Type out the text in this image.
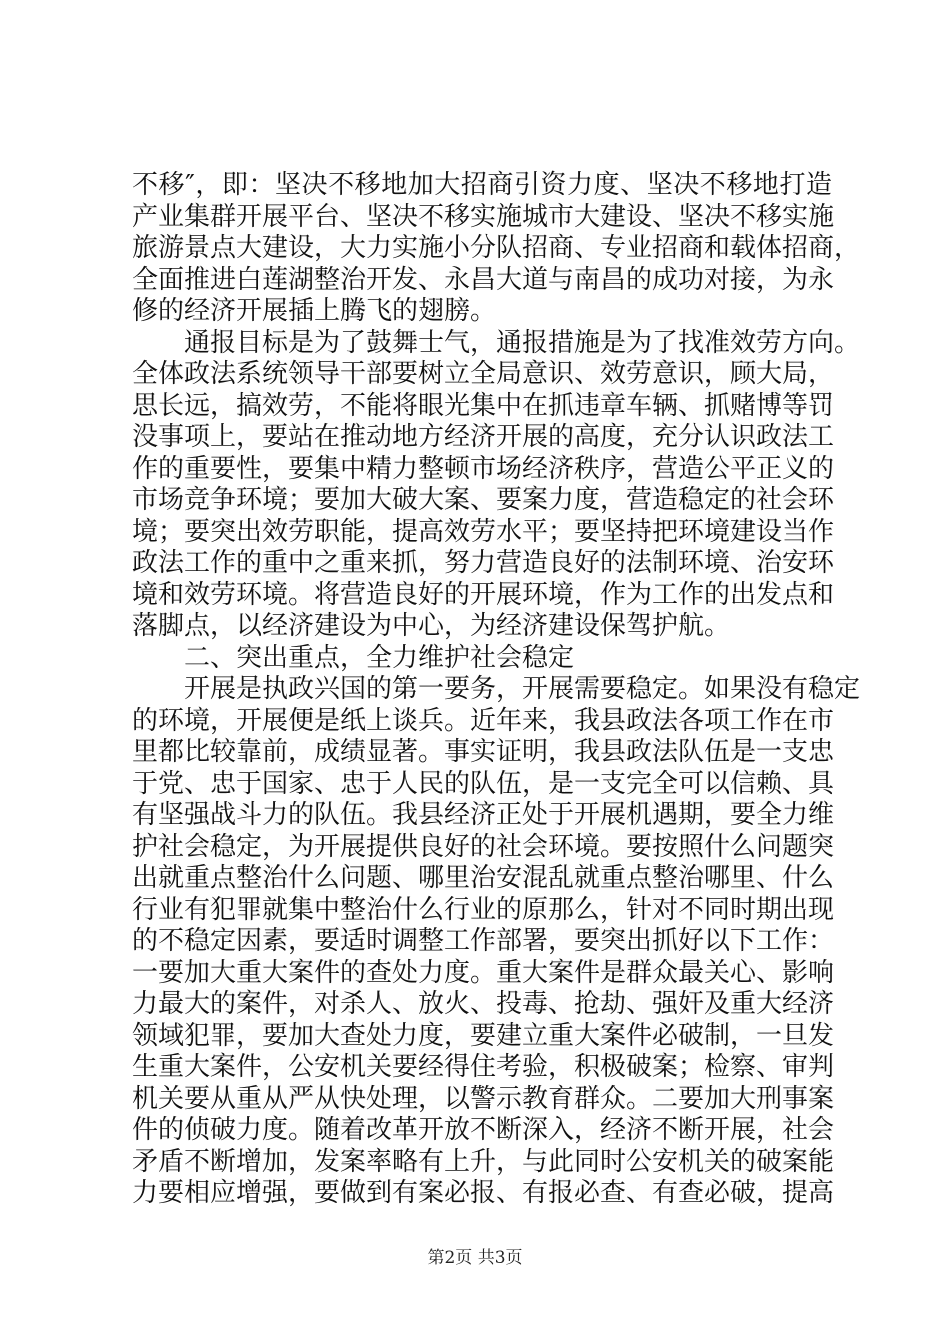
不移″，即：坚决不移地加大招商引资力度、坚决不移地打造
产业集群开展平台、坚决不移实施城市大建设、坚决不移实施
旅游景点大建设，大力实施小分队招商、专业招商和载体招商，
全面推进白莲湖整治开发、永昌大道与南昌的成功对接，为永
修的经济开展插上腾飞的翅膀。
通报目标是为了鼓舞士气，通报措施是为了找准效劳方向。
全体政法系统领导干部要树立全局意识、效劳意识，顾大局，
思长远，搞效劳，不能将眼光集中在抓违章车辆、抓赌博等罚
没事项上，要站在推动地方经济开展的高度，充分认识政法工
作的重要性，要集中精力整顿市场经济秩序，营造公平正义的
市场竞争环境；要加大破大案、要案力度，营造稳定的社会环
境；要突出效劳职能，提高效劳水平；要坚持把环境建设当作
政法工作的重中之重来抓，努力营造良好的法制环境、治安环
境和效劳环境。将营造良好的开展环境，作为工作的出发点和
落脚点，以经济建设为中心，为经济建设保驾护航。
二、突出重点，全力维护社会稳定
开展是执政兴国的第一要务，开展需要稳定。如果没有稳定
的环境，开展便是纸上谈兵。近年来，我县政法各项工作在市
里都比较靠前，成绩显著。事实证明，我县政法队伍是一支忠
于党、忠于国家、忠于人民的队伍，是一支完全可以信赖、具
有坚强战斗力的队伍。我县经济正处于开展机遇期，要全力维
护社会稳定，为开展提供良好的社会环境。要按照什么问题突
出就重点整治什么问题、哪里治安混乱就重点整治哪里、什么
行业有犯罪就集中整治什么行业的原那么，针对不同时期出现
的不稳定因素，要适时调整工作部署，要突出抓好以下工作：
一要加大重大案件的查处力度。重大案件是群众最关心、影响
力最大的案件，对杀人、放火、投毒、抢劫、强奸及重大经济
领域犯罪，要加大查处力度，要建立重大案件必破制，一旦发
生重大案件，公安机关要经得住考验，积极破案；检察、审判
机关要从重从严从快处理，以警示教育群众。二要加大刑事案
件的侦破力度。随着改革开放不断深入，经济不断开展，社会
矛盾不断增加，发案率略有上升，与此同时公安机关的破案能
力要相应增强，要做到有案必报、有报必查、有查必破，提高
第2页 共3页
